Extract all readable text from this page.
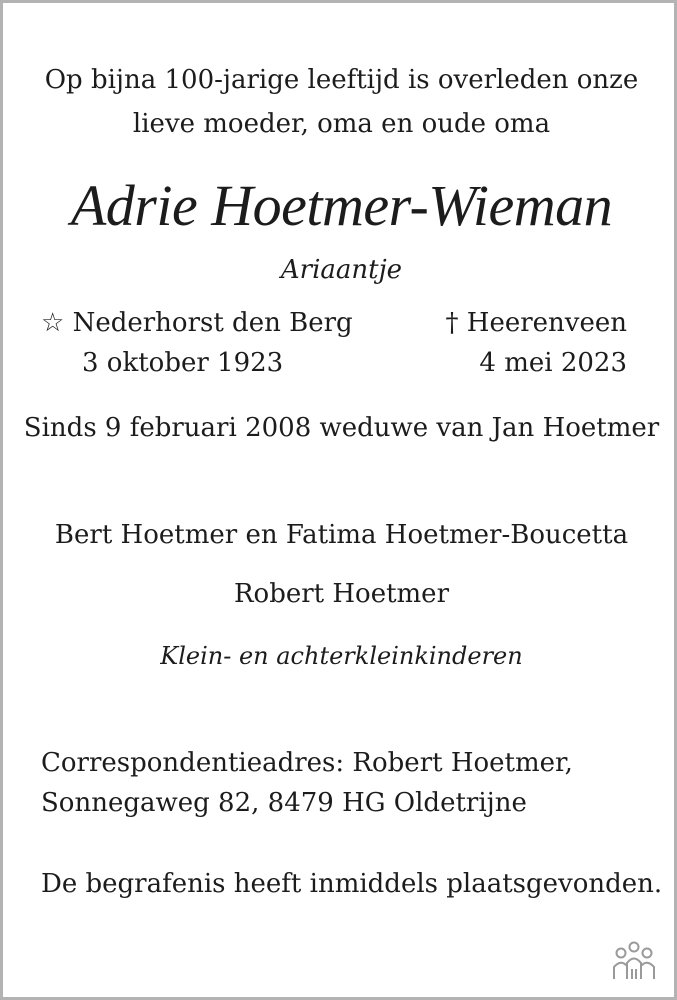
Op bijna 100-jarige leeftijd is overleden onze
lieve moeder, oma en oude oma
Adrie Hoetmer-Wieman
Ariaantje
☆ Nederhorst den Berg
3 oktober 1923
† Heerenveen
4 mei 2023
Sinds 9 februari 2008 weduwe van Jan Hoetmer
Bert Hoetmer en Fatima Hoetmer-Boucetta
Robert Hoetmer
Klein- en achterkleinkinderen
Correspondentieadres: Robert Hoetmer,
Sonnegaweg 82, 8479 HG Oldetrijne
De begrafenis heeft inmiddels plaatsgevonden.
